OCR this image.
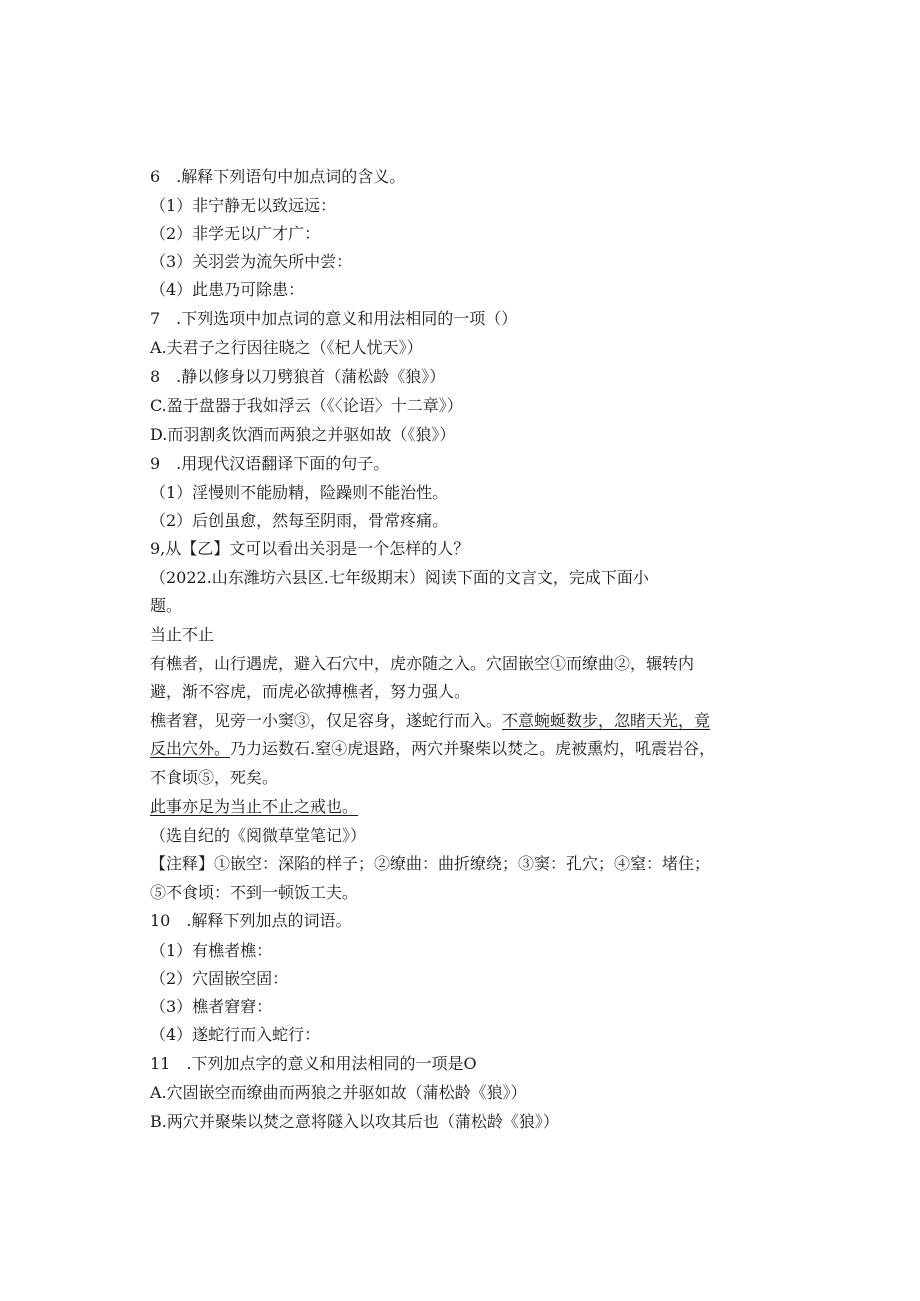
6　.解释下列语句中加点词的含义。
（1）非宁静无以致远远：
（2）非学无以广才广：
（3）关羽尝为流矢所中尝：
（4）此患乃可除患：
7　.下列选项中加点词的意义和用法相同的一项（）
A.夫君子之行因往晓之（《杞人忧天》）
8　.静以修身以刀劈狼首（蒲松龄《狼》）
C.盈于盘器于我如浮云（《〈论语〉十二章》）
D.而羽割炙饮酒而两狼之并驱如故（《狼》）
9　.用现代汉语翻译下面的句子。
（1）淫慢则不能励精，险躁则不能治性。
（2）后创虽愈，然每至阴雨，骨常疼痛。
9,从【乙】文可以看出关羽是一个怎样的人？
（2022.山东潍坊六县区.七年级期末）阅读下面的文言文，完成下面小
题。
当止不止
有樵者，山行遇虎，避入石穴中，虎亦随之入。穴固嵌空①而缭曲②，辗转内
避，渐不容虎，而虎必欲搏樵者，努力强人。
樵者窘，见旁一小窦③，仅足容身，遂蛇行而入。不意蜿蜒数步，忽睹天光，竟
反出穴外。乃力运数石.窒④虎退路，两穴并聚柴以焚之。虎被熏灼，吼震岩谷，
不食顷⑤，死矣。
此事亦足为当止不止之戒也。
（选自纪的《阅微草堂笔记》）
【注释】①嵌空：深陷的样子；②缭曲：曲折缭绕；③窦：孔穴；④窒：堵住；
⑤不食顷：不到一顿饭工夫。
10　.解释下列加点的词语。
（1）有樵者樵：
（2）穴固嵌空固：
（3）樵者窘窘：
（4）遂蛇行而入蛇行：
11　.下列加点字的意义和用法相同的一项是O
A.穴固嵌空而缭曲而两狼之并驱如故（蒲松龄《狼》）
B.两穴并聚柴以焚之意将隧入以攻其后也（蒲松龄《狼》）
